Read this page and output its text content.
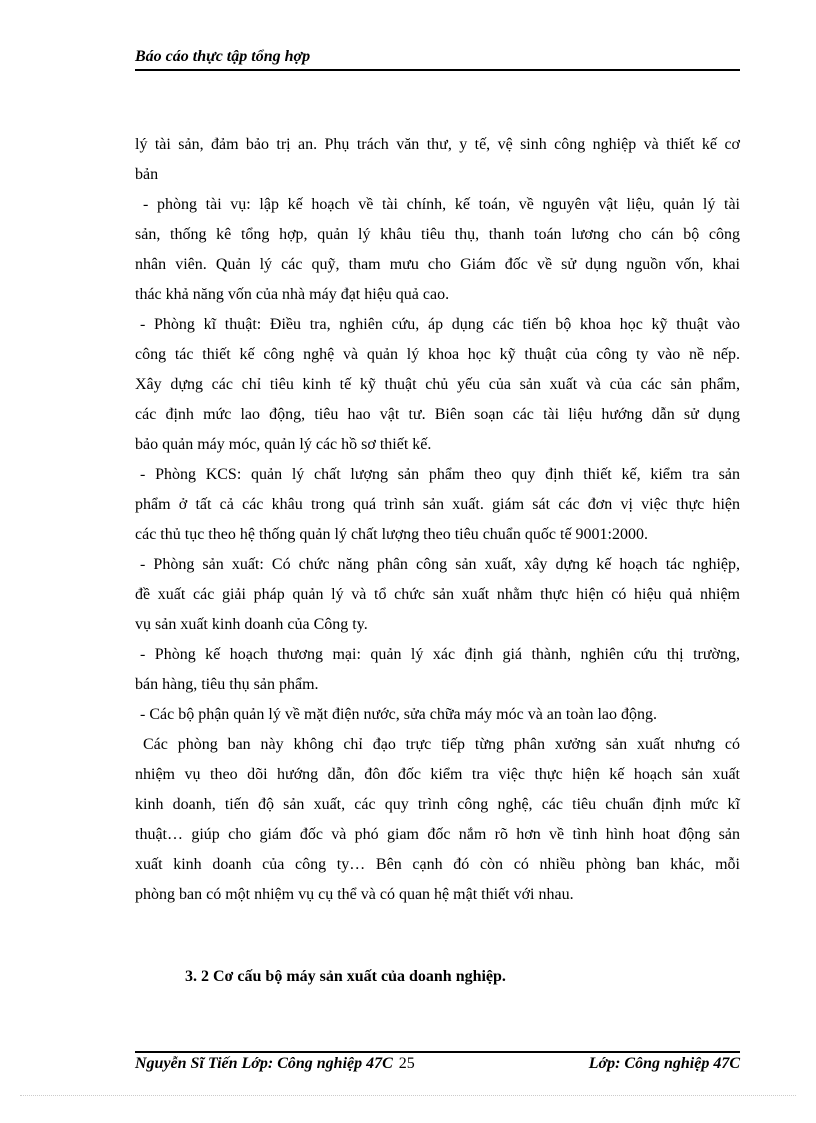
Báo cáo thực tập tổng hợp
lý tài sản, đảm bảo trị an. Phụ trách văn thư, y tế, vệ sinh công nghiệp và thiết kế cơ
bản
- phòng tài vụ: lập kế hoạch về tài chính, kế toán, về nguyên vật liệu, quản lý tài
sản, thống kê tổng hợp, quản lý khâu tiêu thụ, thanh toán lương cho cán bộ công
nhân viên. Quản lý các quỹ, tham mưu cho Giám đốc về sử dụng nguồn vốn, khai
thác khả năng vốn của nhà máy đạt hiệu quả cao.
- Phòng kĩ thuật: Điều tra, nghiên cứu, áp dụng các tiến bộ khoa học kỹ thuật vào
công tác thiết kế công nghệ và quản lý khoa học kỹ thuật của công ty vào nề nếp.
Xây dựng các chỉ tiêu kinh tế kỹ thuật chủ yếu của sản xuất và của các sản phẩm,
các định mức lao động, tiêu hao vật tư. Biên soạn các tài liệu hướng dẫn sử dụng
bảo quản máy móc, quản lý các hồ sơ thiết kế.
- Phòng KCS: quản lý chất lượng sản phẩm theo quy định thiết kế, kiểm tra sản
phẩm ở tất cả các khâu trong quá trình sản xuất. giám sát các đơn vị việc thực hiện
các thủ tục theo hệ thống quản lý chất lượng theo tiêu chuẩn quốc tế 9001:2000.
- Phòng sản xuất: Có chức năng phân công sản xuất, xây dựng kế hoạch tác nghiệp,
đề xuất các giải pháp quản lý và tổ chức sản xuất nhằm thực hiện có hiệu quả nhiệm
vụ sản xuất kinh doanh của Công ty.
- Phòng kế hoạch thương mại: quản lý xác định giá thành, nghiên cứu thị trường,
bán hàng, tiêu thụ sản phẩm.
- Các bộ phận quản lý về mặt điện nước, sửa chữa máy móc và an toàn lao động.
Các phòng ban này không chỉ đạo trực tiếp từng phân xưởng sản xuất nhưng có
nhiệm vụ theo dõi hướng dẫn, đôn đốc kiểm tra việc thực hiện kế hoạch sản xuất
kinh doanh, tiến độ sản xuất, các quy trình công nghệ, các tiêu chuẩn định mức kĩ
thuật… giúp cho giám đốc và phó giam đốc nắm rõ hơn về tình hình hoat động sản
xuất kinh doanh của công ty… Bên cạnh đó còn có nhiều phòng ban khác, mỗi
phòng ban có một nhiệm vụ cụ thể và có quan hệ mật thiết với nhau.
3. 2 Cơ cấu bộ máy sản xuất của doanh nghiệp.
Nguyễn Sĩ Tiến Lớp: Công nghiệp 47C 25	Lớp: Công nghiệp 47C
